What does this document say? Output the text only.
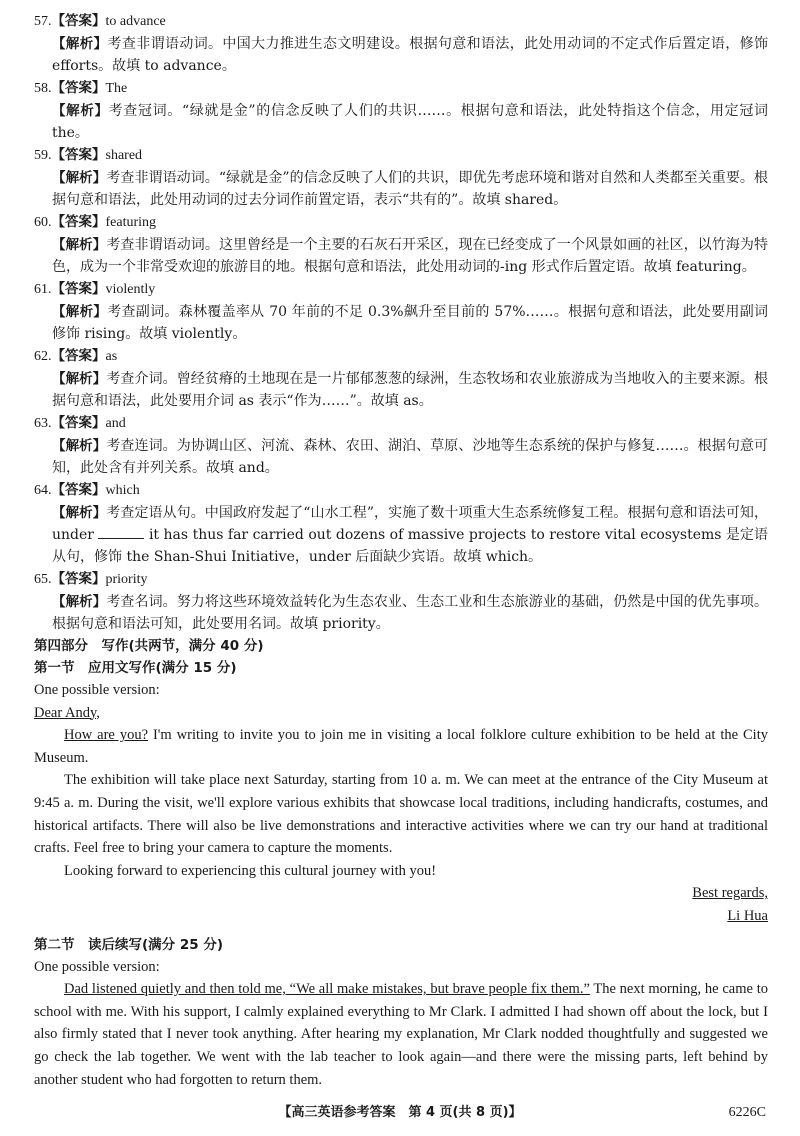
57.【答案】to advance
【解析】考查非谓语动词。中国大力推进生态文明建设。根据句意和语法，此处用动词的不定式作后置定语，修饰 efforts。故填 to advance。
58.【答案】The
【解析】考查冠词。“绿就是金”的信念反映了人们的共识……。根据句意和语法，此处特指这个信念，用定冠词 the。
59.【答案】shared
【解析】考查非谓语动词。“绿就是金”的信念反映了人们的共识，即优先考虑环境和谐对自然和人类都至关重要。根据句意和语法，此处用动词的过去分词作前置定语，表示“共有的”。故填 shared。
60.【答案】featuring
【解析】考查非谓语动词。这里曾经是一个主要的石灰石开采区，现在已经变成了一个风景如画的社区，以竹海为特色，成为一个非常受欢迎的旅游目的地。根据句意和语法，此处用动词的-ing 形式作后置定语。故填 featuring。
61.【答案】violently
【解析】考查副词。森林覆盖率从 70 年前的不足 0.3%飙升至目前的 57%……。根据句意和语法，此处要用副词修饰 rising。故填 violently。
62.【答案】as
【解析】考查介词。曾经贫瘠的土地现在是一片郁郁葱葱的绿洲，生态牧场和农业旅游成为当地收入的主要来源。根据句意和语法，此处要用介词 as 表示“作为……”。故填 as。
63.【答案】and
【解析】考查连词。为协调山区、河流、森林、农田、湖泊、草原、沙地等生态系统的保护与修复……。根据句意可知，此处含有并列关系。故填 and。
64.【答案】which
【解析】考查定语从句。中国政府发起了“山水工程”，实施了数十项重大生态系统修复工程。根据句意和语法可知，under	it has thus far carried out dozens of massive projects to restore vital ecosystems 是定语从句，修饰 the Shan-Shui Initiative，under 后面缺少宾语。故填 which。
65.【答案】priority
【解析】考查名词。努力将这些环境效益转化为生态农业、生态工业和生态旅游业的基础，仍然是中国的优先事项。根据句意和语法可知，此处要用名词。故填 priority。
第四部分　写作(共两节，满分 40 分)
第一节　应用文写作(满分 15 分)
One possible version:
Dear Andy,
How are you? I'm writing to invite you to join me in visiting a local folklore culture exhibition to be held at the City Museum.
The exhibition will take place next Saturday, starting from 10 a. m. We can meet at the entrance of the City Museum at 9:45 a. m. During the visit, we'll explore various exhibits that showcase local traditions, including handicrafts, costumes, and historical artifacts. There will also be live demonstrations and interactive activities where we can try our hand at traditional crafts. Feel free to bring your camera to capture the moments.
Looking forward to experiencing this cultural journey with you!
Best regards,
Li Hua
第二节　读后续写(满分 25 分)
One possible version:
Dad listened quietly and then told me, “We all make mistakes, but brave people fix them.” The next morning, he came to school with me. With his support, I calmly explained everything to Mr Clark. I admitted I had shown off about the lock, but I also firmly stated that I never took anything. After hearing my explanation, Mr Clark nodded thoughtfully and suggested we go check the lab together. We went with the lab teacher to look again—and there were the missing parts, left behind by another student who had forgotten to return them.
【高三英语参考答案　第 4 页(共 8 页)】	6226C
